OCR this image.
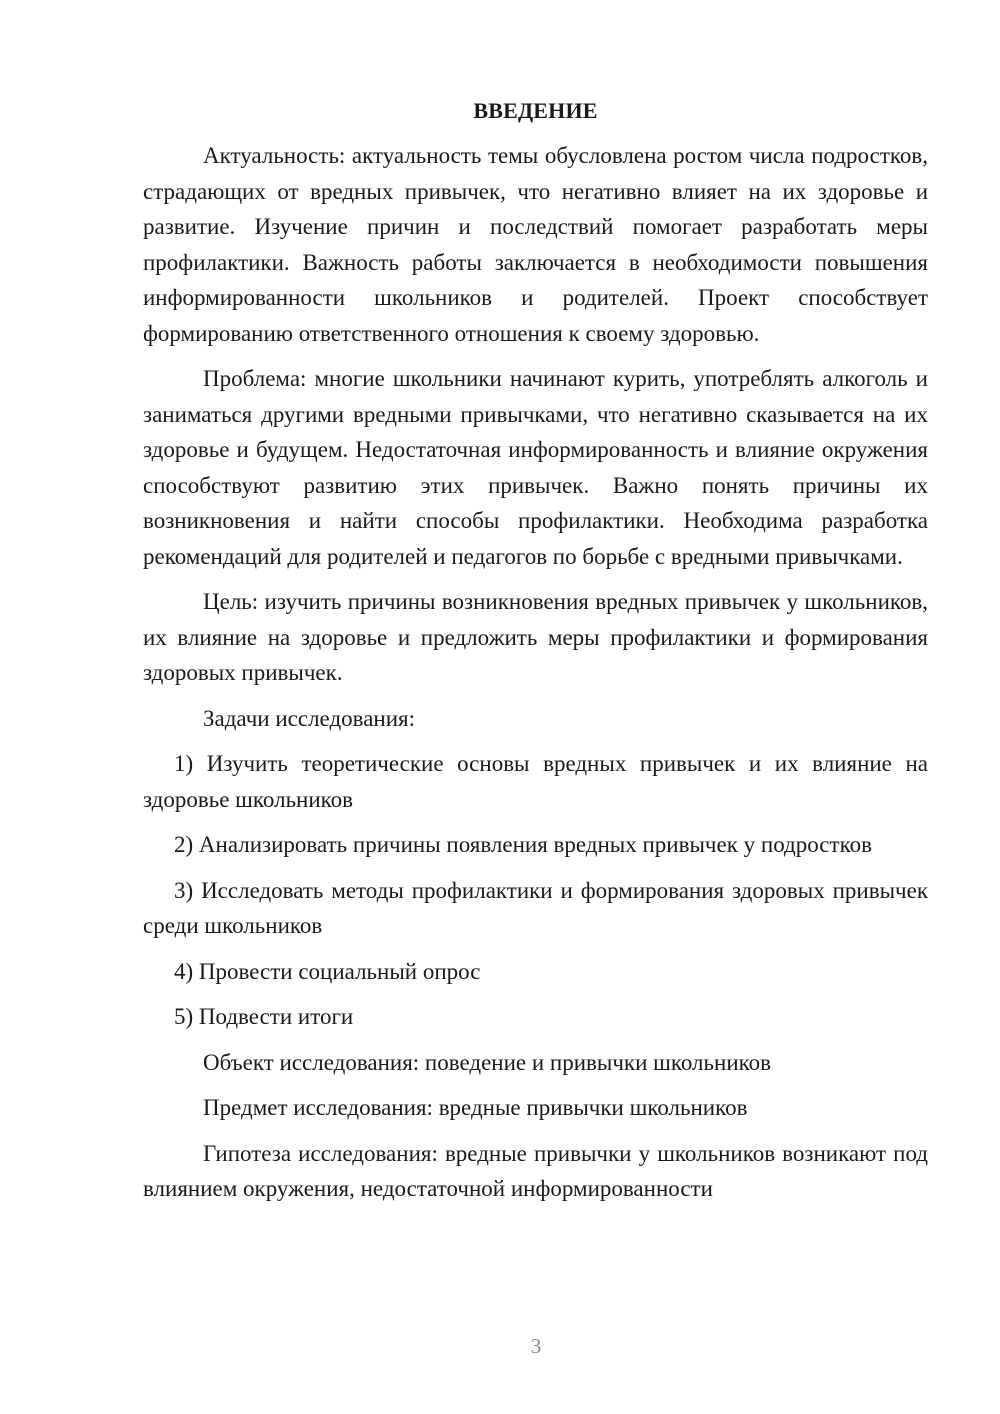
ВВЕДЕНИЕ

Актуальность: актуальность темы обусловлена ростом числа подростков, страдающих от вредных привычек, что негативно влияет на их здоровье и развитие. Изучение причин и последствий помогает разработать меры профилактики. Важность работы заключается в необходимости повышения информированности школьников и родителей. Проект способствует формированию ответственного отношения к своему здоровью.

Проблема: многие школьники начинают курить, употреблять алкоголь и заниматься другими вредными привычками, что негативно сказывается на их здоровье и будущем. Недостаточная информированность и влияние окружения способствуют развитию этих привычек. Важно понять причины их возникновения и найти способы профилактики. Необходима разработка рекомендаций для родителей и педагогов по борьбе с вредными привычками.

Цель: изучить причины возникновения вредных привычек у школьников, их влияние на здоровье и предложить меры профилактики и формирования здоровых привычек.

Задачи исследования:

1) Изучить теоретические основы вредных привычек и их влияние на здоровье школьников

2) Анализировать причины появления вредных привычек у подростков

3) Исследовать методы профилактики и формирования здоровых привычек среди школьников

4) Провести социальный опрос

5) Подвести итоги

Объект исследования: поведение и привычки школьников

Предмет исследования: вредные привычки школьников

Гипотеза исследования: вредные привычки у школьников возникают под влиянием окружения, недостаточной информированности

3
